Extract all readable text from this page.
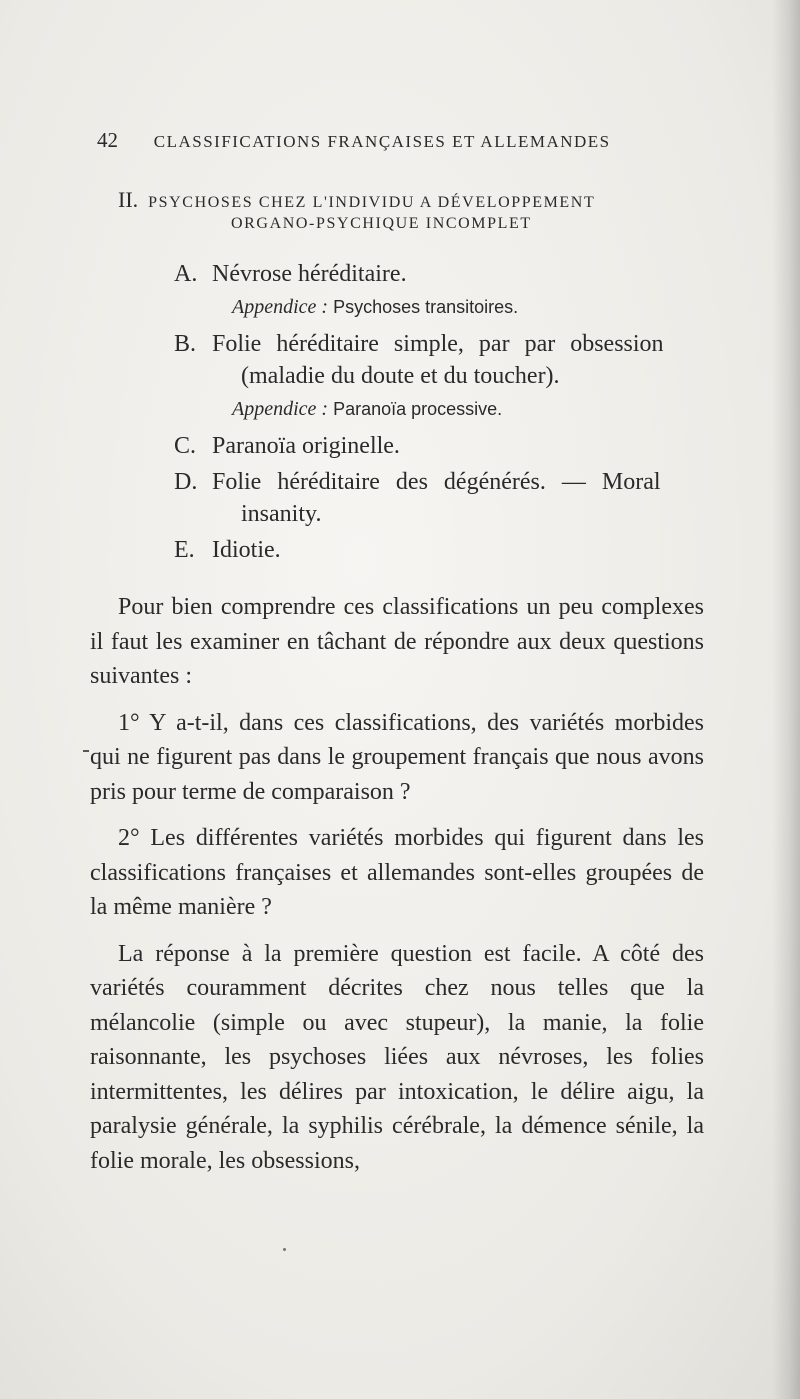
42 CLASSIFICATIONS FRANÇAISES ET ALLEMANDES
II. PSYCHOSES CHEZ L'INDIVIDU A DÉVELOPPEMENT
ORGANO-PSYCHIQUE INCOMPLET
A. Névrose héréditaire.
Appendice : Psychoses transitoires.
B. Folie héréditaire simple, par par obsession
(maladie du doute et du toucher).
Appendice : Paranoïa processive.
C. Paranoïa originelle.
D. Folie héréditaire des dégénérés. — Moral
insanity.
E. Idiotie.

Pour bien comprendre ces classifications un peu complexes il faut les examiner en tâchant de répondre aux deux questions suivantes :

1° Y a-t-il, dans ces classifications, des variétés morbides qui ne figurent pas dans le groupement français que nous avons pris pour terme de comparaison ?

2° Les différentes variétés morbides qui figurent dans les classifications françaises et allemandes sont-elles groupées de la même manière ?

La réponse à la première question est facile. A côté des variétés couramment décrites chez nous telles que la mélancolie (simple ou avec stupeur), la manie, la folie raisonnante, les psychoses liées aux névroses, les folies intermittentes, les délires par intoxication, le délire aigu, la paralysie générale, la syphilis cérébrale, la démence sénile, la folie morale, les obsessions,
